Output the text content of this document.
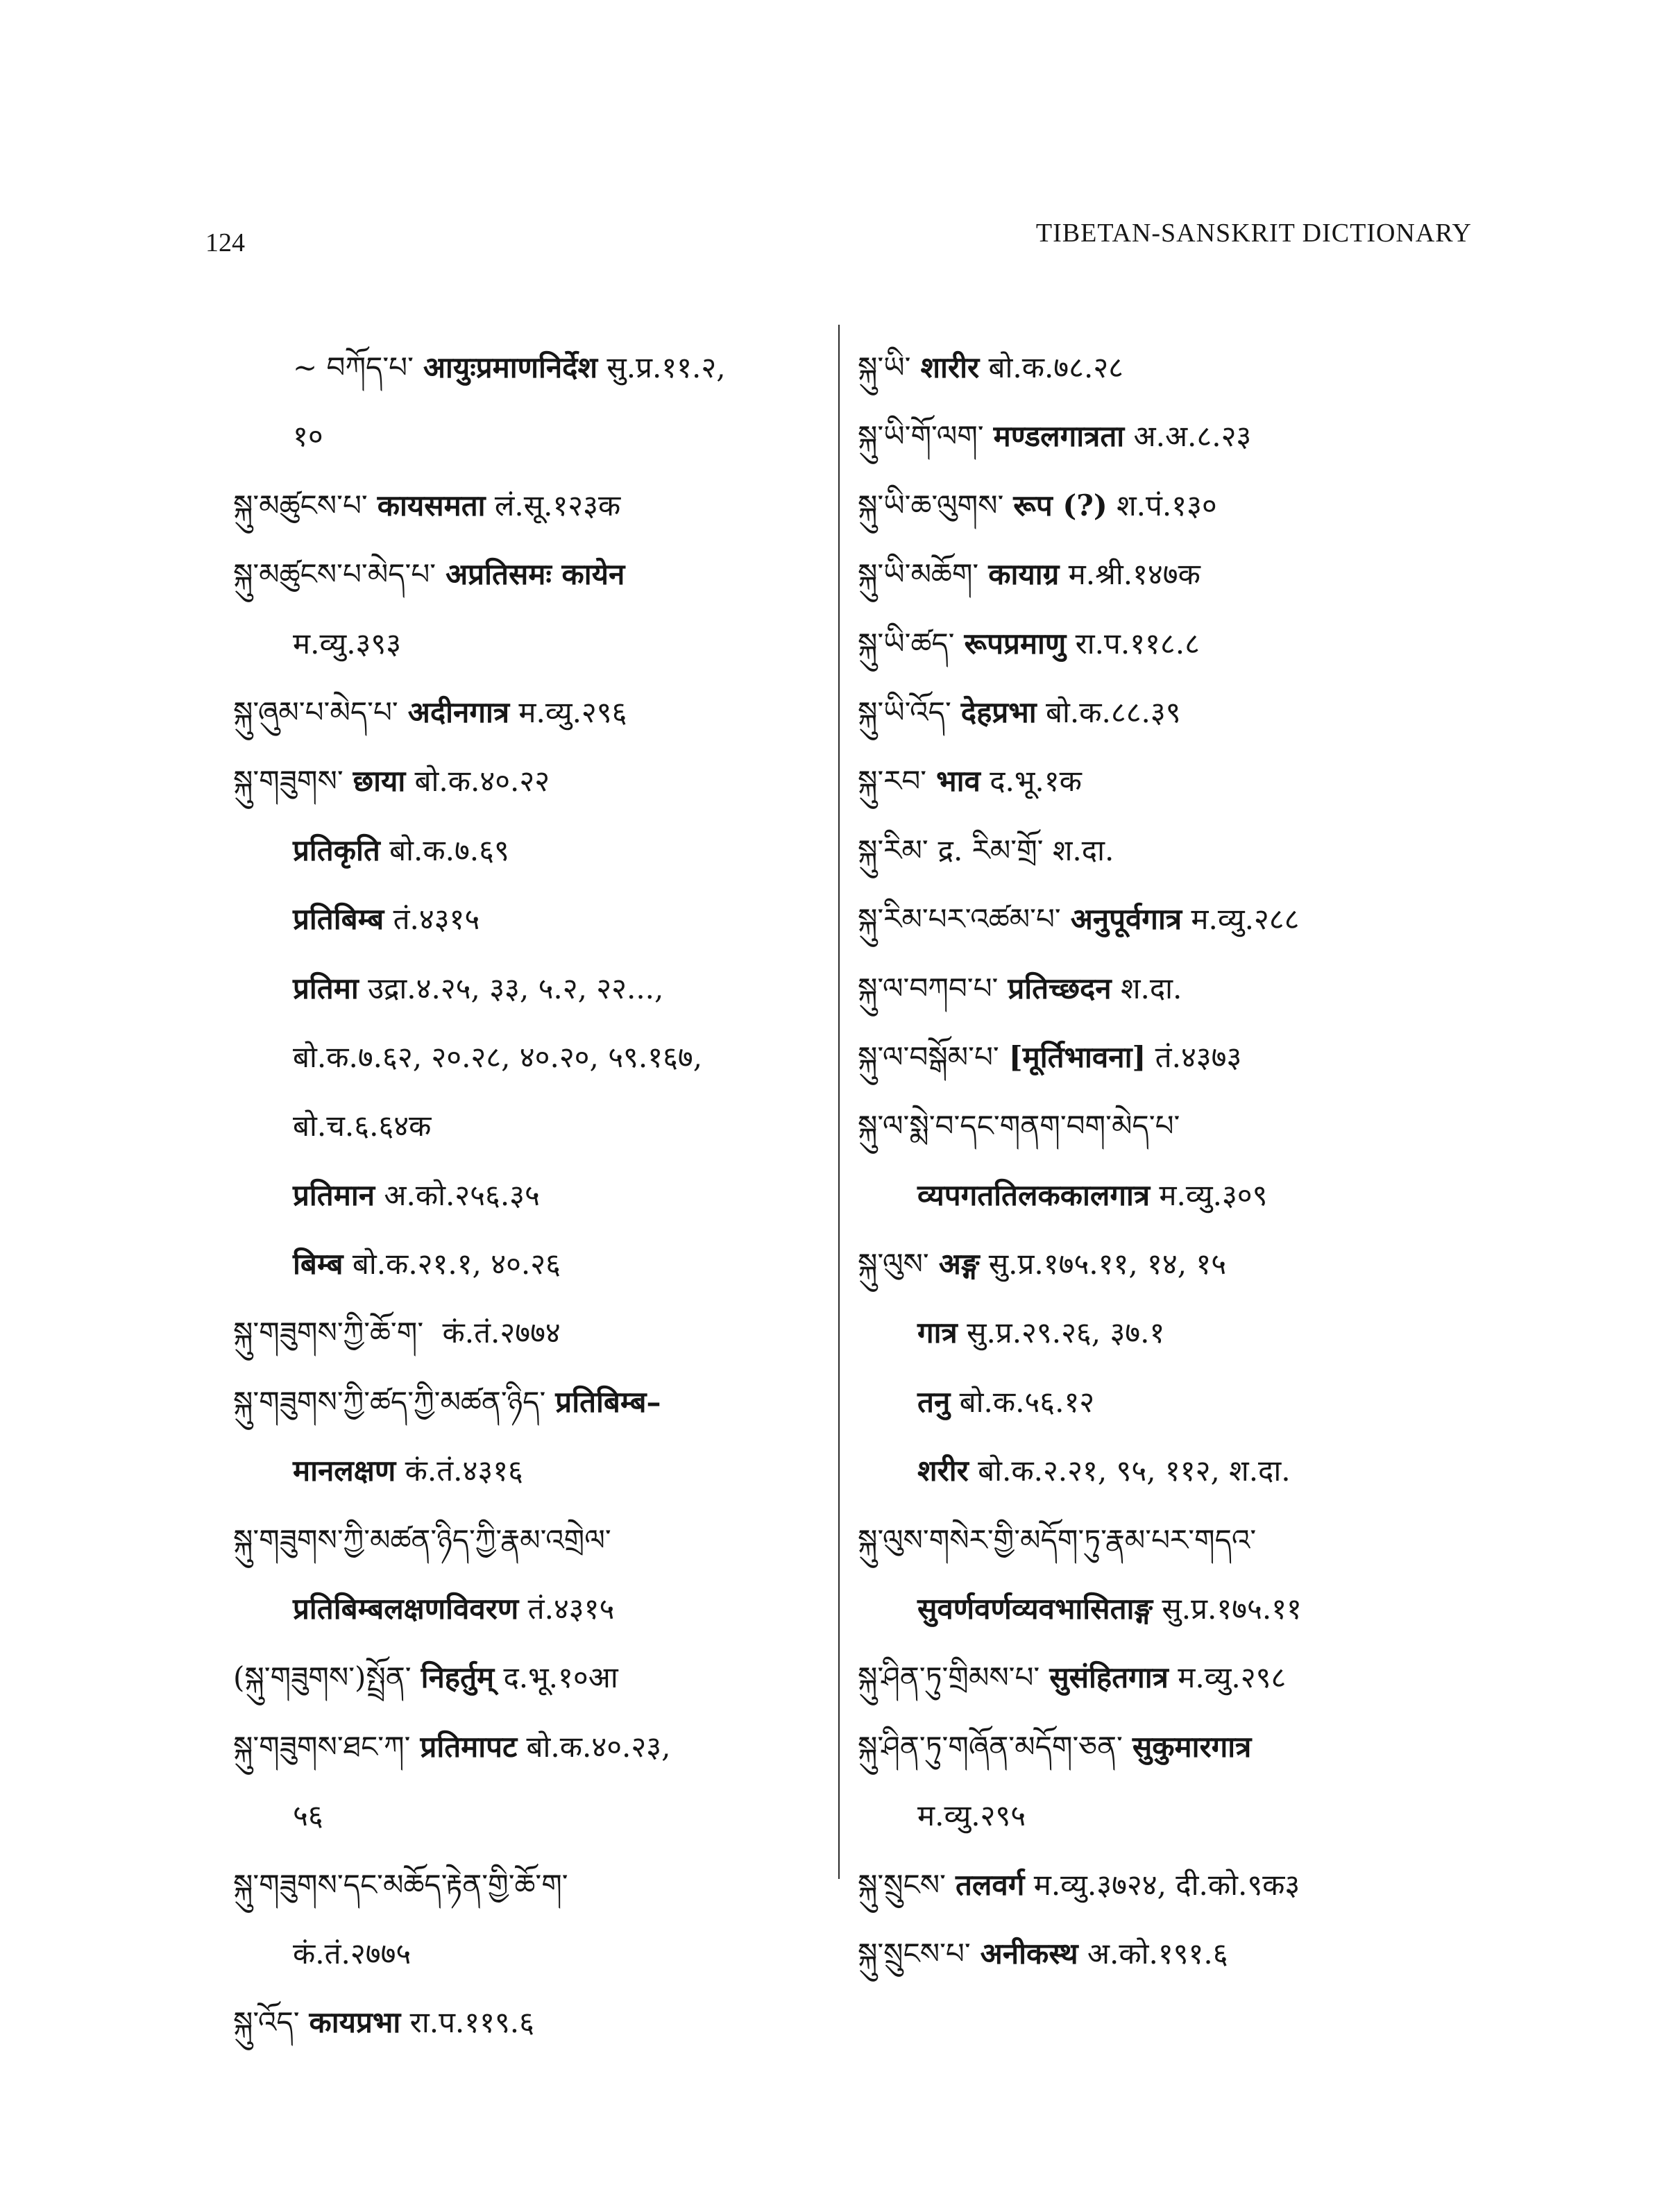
124	TIBETAN-SANSKRIT DICTIONARY
~ བཀོད་པ་ आयुःप्रमाणनिर्देश सु.प्र.११.२,
१०
སྐུ་མཚུངས་པ་ कायसमता लं.सू.१२३क
སྐུ་མཚུངས་པ་མེད་པ་ अप्रतिसमः कायेन
म.व्यु.३९३
སྐུ་ཞུམ་པ་མེད་པ་ अदीनगात्र म.व्यु.२९६
སྐུ་གཟུགས་ छाया बो.क.४०.२२
प्रतिकृति बो.क.७.६९
प्रतिबिम्ब तं.४३१५
प्रतिमा उद्रा.४.२५, ३३, ५.२, २२...,
बो.क.७.६२, २०.२८, ४०.२०, ५९.१६७,
बो.च.६.६४क
प्रतिमान अ.को.२५६.३५
बिम्ब बो.क.२१.१, ४०.२६
སྐུ་གཟུགས་ཀྱི་ཆོ་ག་ कं.तं.२७७४
སྐུ་གཟུགས་ཀྱི་ཚད་ཀྱི་མཚན་ཉིད་ प्रतिबिम्ब–
मानलक्षण कं.तं.४३१६
སྐུ་གཟུགས་ཀྱི་མཚན་ཉིད་ཀྱི་རྣམ་འགྲེལ་
प्रतिबिम्बलक्षणविवरण तं.४३१५
(སྐུ་གཟུགས་)སྤྲོན་ निहर्तुम् द.भू.१०आ
སྐུ་གཟུགས་ཐང་ཀ་ प्रतिमापट बो.क.४०.२३,
५६
སྐུ་གཟུགས་དང་མཆོད་རྟེན་གྱི་ཆོ་ག་
कं.तं.२७७५
སྐུ་འོད་ कायप्रभा रा.प.११९.६
སྐུ་ཡི་ शारीर बो.क.७८.२८
སྐུ་ཡི་གོ་ལག་ मण्डलगात्रता अ.अ.८.२३
སྐུ་ཡི་ཆ་ལུགས་ रूप (?) श.पं.१३०
སྐུ་ཡི་མཆོག་ कायाग्र म.श्री.१४७क
སྐུ་ཡི་ཚད་ रूपप्रमाणु रा.प.११८.८
སྐུ་ཡི་འོད་ देहप्रभा बो.क.८८.३९
སྐུ་རབ་ भाव द.भू.१क
སྐུ་རིམ་ द्र. རིམ་གྲོ་ श.दा.
སྐུ་རིམ་པར་འཚམ་པ་ अनुपूर्वगात्र म.व्यु.२८८
སྐུ་ལ་བཀབ་པ་ प्रतिच्छदन श.दा.
སྐུ་ལ་བསྒོམ་པ་ [मूर्तिभावना] तं.४३७३
སྐུ་ལ་སྨེ་བ་དང་གནག་བག་མེད་པ་
व्यपगततिलककालगात्र म.व्यु.३०९
སྐུ་ལུས་ अङ्ग सु.प्र.१७५.११, १४, १५
गात्र सु.प्र.२९.२६, ३७.१
तनु बो.क.५६.१२
शरीर बो.क.२.२१, ९५, ११२, श.दा.
སྐུ་ལུས་གསེར་གྱི་མདོག་ཏུ་རྣམ་པར་གདའ་
सुवर्णवर्णव्यवभासिताङ्ग सु.प्र.१७५.११
སྐུ་ཤིན་ཏུ་གྲིམས་པ་ सुसंहितगात्र म.व्यु.२९८
སྐུ་ཤིན་ཏུ་གཞོན་མདོག་ཅན་ सुकुमारगात्र
म.व्यु.२९५
སྐུ་སྲུངས་ तलवर्ग म.व्यु.३७२४, दी.को.९क३
སྐུ་སྲུངས་པ་ अनीकस्थ अ.को.१९१.६
